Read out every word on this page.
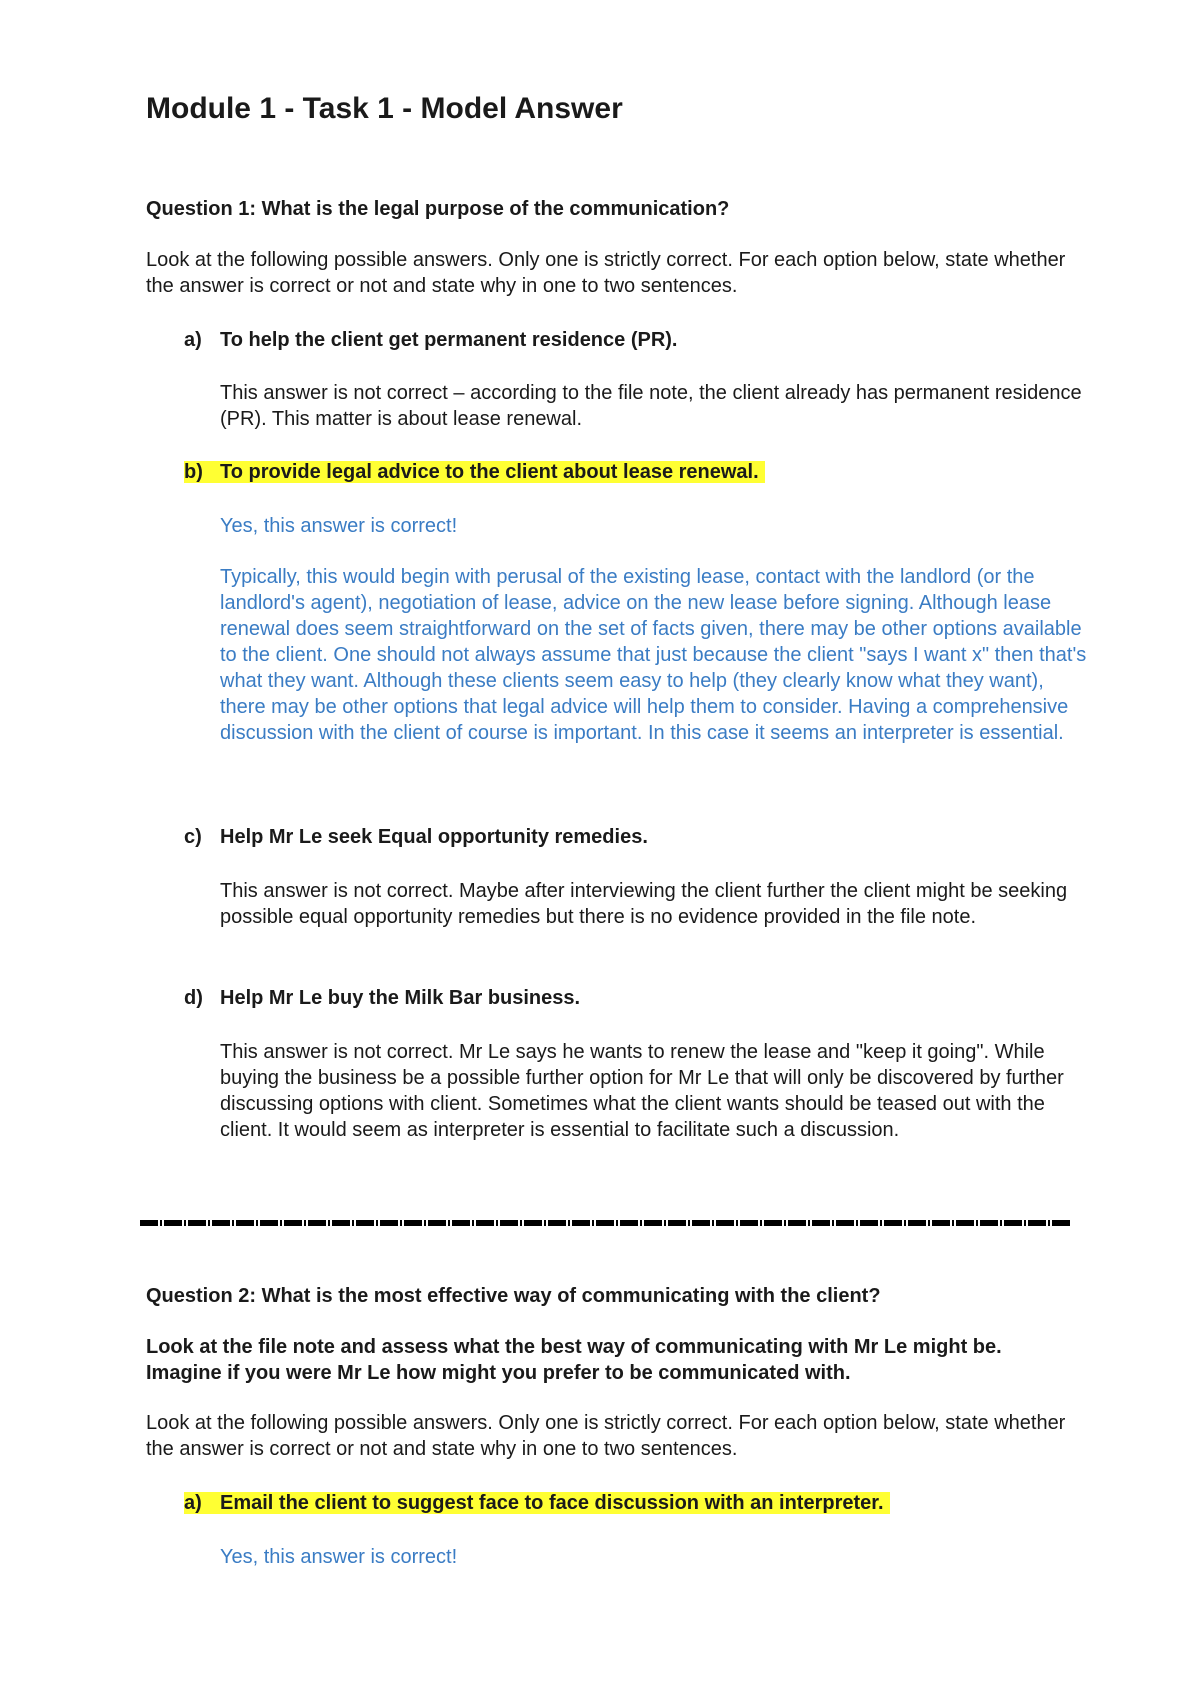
Module 1 - Task 1 - Model Answer

Question 1: What is the legal purpose of the communication?

Look at the following possible answers. Only one is strictly correct. For each option below, state whether the answer is correct or not and state why in one to two sentences.

a) To help the client get permanent residence (PR).

This answer is not correct – according to the file note, the client already has permanent residence (PR). This matter is about lease renewal.

b) To provide legal advice to the client about lease renewal.

Yes, this answer is correct!

Typically, this would begin with perusal of the existing lease, contact with the landlord (or the landlord's agent), negotiation of lease, advice on the new lease before signing. Although lease renewal does seem straightforward on the set of facts given, there may be other options available to the client. One should not always assume that just because the client "says I want x" then that's what they want. Although these clients seem easy to help (they clearly know what they want), there may be other options that legal advice will help them to consider. Having a comprehensive discussion with the client of course is important. In this case it seems an interpreter is essential.

c) Help Mr Le seek Equal opportunity remedies.

This answer is not correct. Maybe after interviewing the client further the client might be seeking possible equal opportunity remedies but there is no evidence provided in the file note.

d) Help Mr Le buy the Milk Bar business.

This answer is not correct. Mr Le says he wants to renew the lease and "keep it going". While buying the business be a possible further option for Mr Le that will only be discovered by further discussing options with client. Sometimes what the client wants should be teased out with the client. It would seem as interpreter is essential to facilitate such a discussion.

Question 2: What is the most effective way of communicating with the client?

Look at the file note and assess what the best way of communicating with Mr Le might be. Imagine if you were Mr Le how might you prefer to be communicated with.

Look at the following possible answers. Only one is strictly correct. For each option below, state whether the answer is correct or not and state why in one to two sentences.

a) Email the client to suggest face to face discussion with an interpreter.

Yes, this answer is correct!
